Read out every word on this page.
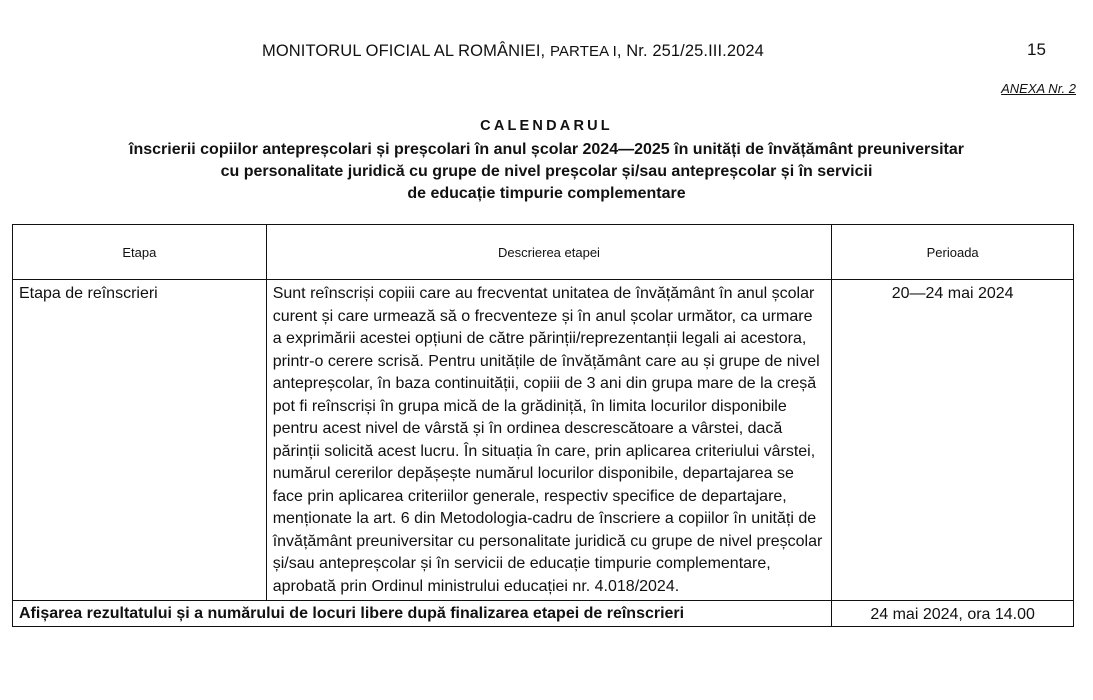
MONITORUL OFICIAL AL ROMÂNIEI, PARTEA I, Nr. 251/25.III.2024	15
ANEXA Nr. 2
CALENDARUL
înscrierii copiilor antepreșcolari și preșcolari în anul școlar 2024—2025 în unități de învățământ preuniversitar
cu personalitate juridică cu grupe de nivel preșcolar și/sau antepreșcolar și în servicii
de educație timpurie complementare
Etapa	Descrierea etapei	Perioada
Etapa de reînscrieri	Sunt reînscriși copiii care au frecventat unitatea de învățământ în anul școlar curent și care urmează să o frecventeze și în anul școlar următor, ca urmare a exprimării acestei opțiuni de către părinții/reprezentanții legali ai acestora, printr-o cerere scrisă. Pentru unitățile de învățământ care au și grupe de nivel antepreșcolar, în baza continuității, copiii de 3 ani din grupa mare de la creșă pot fi reînscriși în grupa mică de la grădiniță, în limita locurilor disponibile pentru acest nivel de vârstă și în ordinea descrescătoare a vârstei, dacă părinții solicită acest lucru. În situația în care, prin aplicarea criteriului vârstei, numărul cererilor depășește numărul locurilor disponibile, departajarea se face prin aplicarea criteriilor generale, respectiv specifice de departajare, menționate la art. 6 din Metodologia-cadru de înscriere a copiilor în unități de învățământ preuniversitar cu personalitate juridică cu grupe de nivel preșcolar și/sau antepreșcolar și în servicii de educație timpurie complementare, aprobată prin Ordinul ministrului educației nr. 4.018/2024.	20—24 mai 2024
Afișarea rezultatului și a numărului de locuri libere după finalizarea etapei de reînscrieri		24 mai 2024, ora 14.00
